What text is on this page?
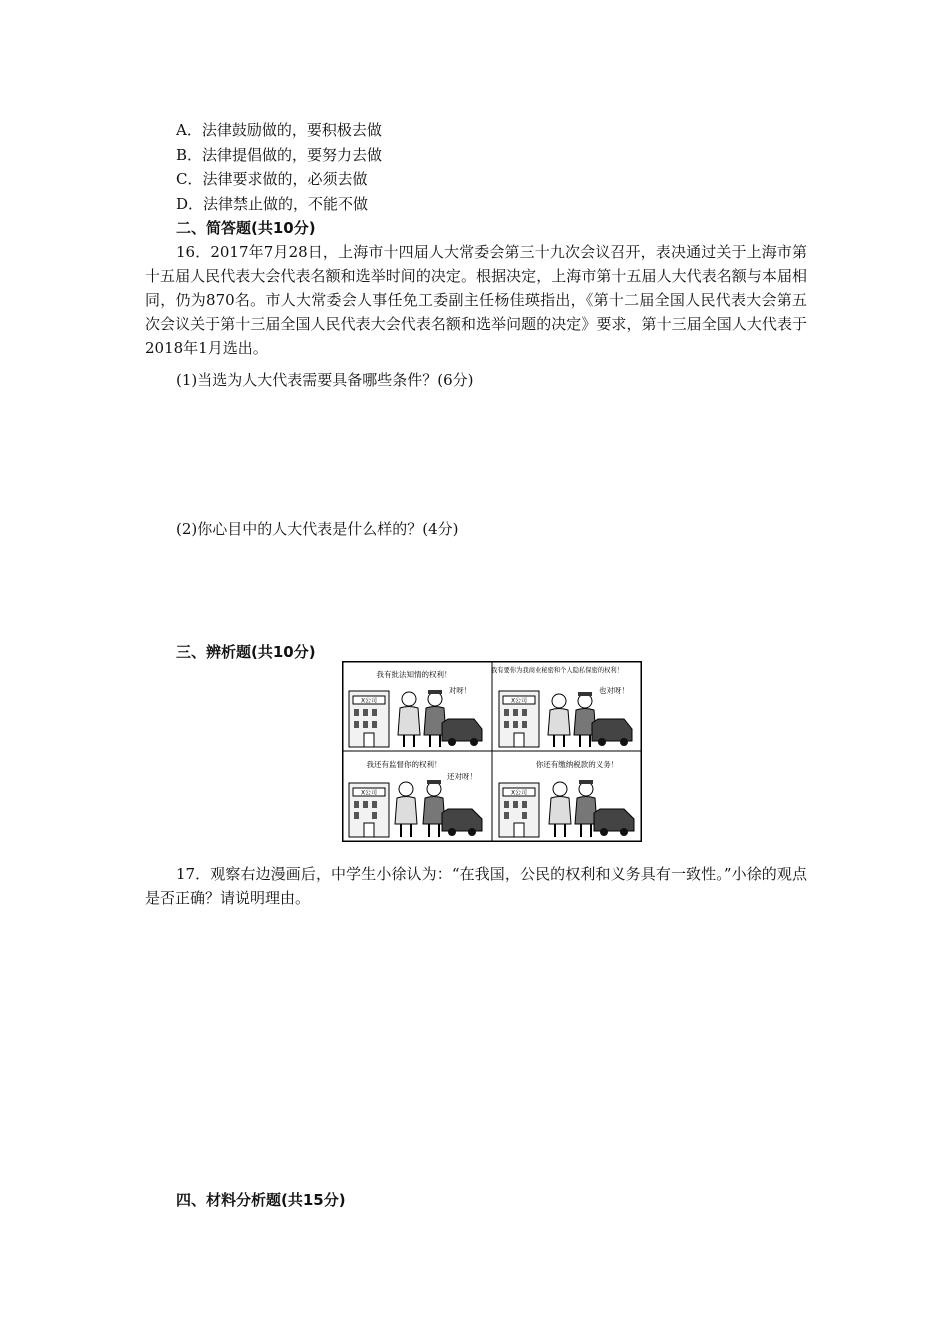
A．法律鼓励做的，要积极去做
B．法律提倡做的，要努力去做
C．法律要求做的，必须去做
D．法律禁止做的，不能不做
二、简答题(共10分)
16．2017年7月28日，上海市十四届人大常委会第三十九次会议召开，表决通过关于上海市第十五届人民代表大会代表名额和选举时间的决定。根据决定，上海市第十五届人大代表名额与本届相同，仍为870名。市人大常委会人事任免工委副主任杨佳瑛指出，《第十二届全国人民代表大会第五次会议关于第十三届全国人民代表大会代表名额和选举问题的决定》要求，第十三届全国人大代表于2018年1月选出。
(1)当选为人大代表需要具备哪些条件？(6分)
(2)你心目中的人大代表是什么样的？(4分)
三、辨析题(共10分)
X公司
我有批法知情的权利！
对呀！
X公司
我有要你为我商业秘密和个人隐私保密的权利！
也对呀！
X公司
我还有监督你的权利！
还对呀！
X公司
你还有缴纳税款的义务！
17．观察右边漫画后，中学生小徐认为：“在我国，公民的权利和义务具有一致性。”小徐的观点是否正确？请说明理由。
四、材料分析题(共15分)
